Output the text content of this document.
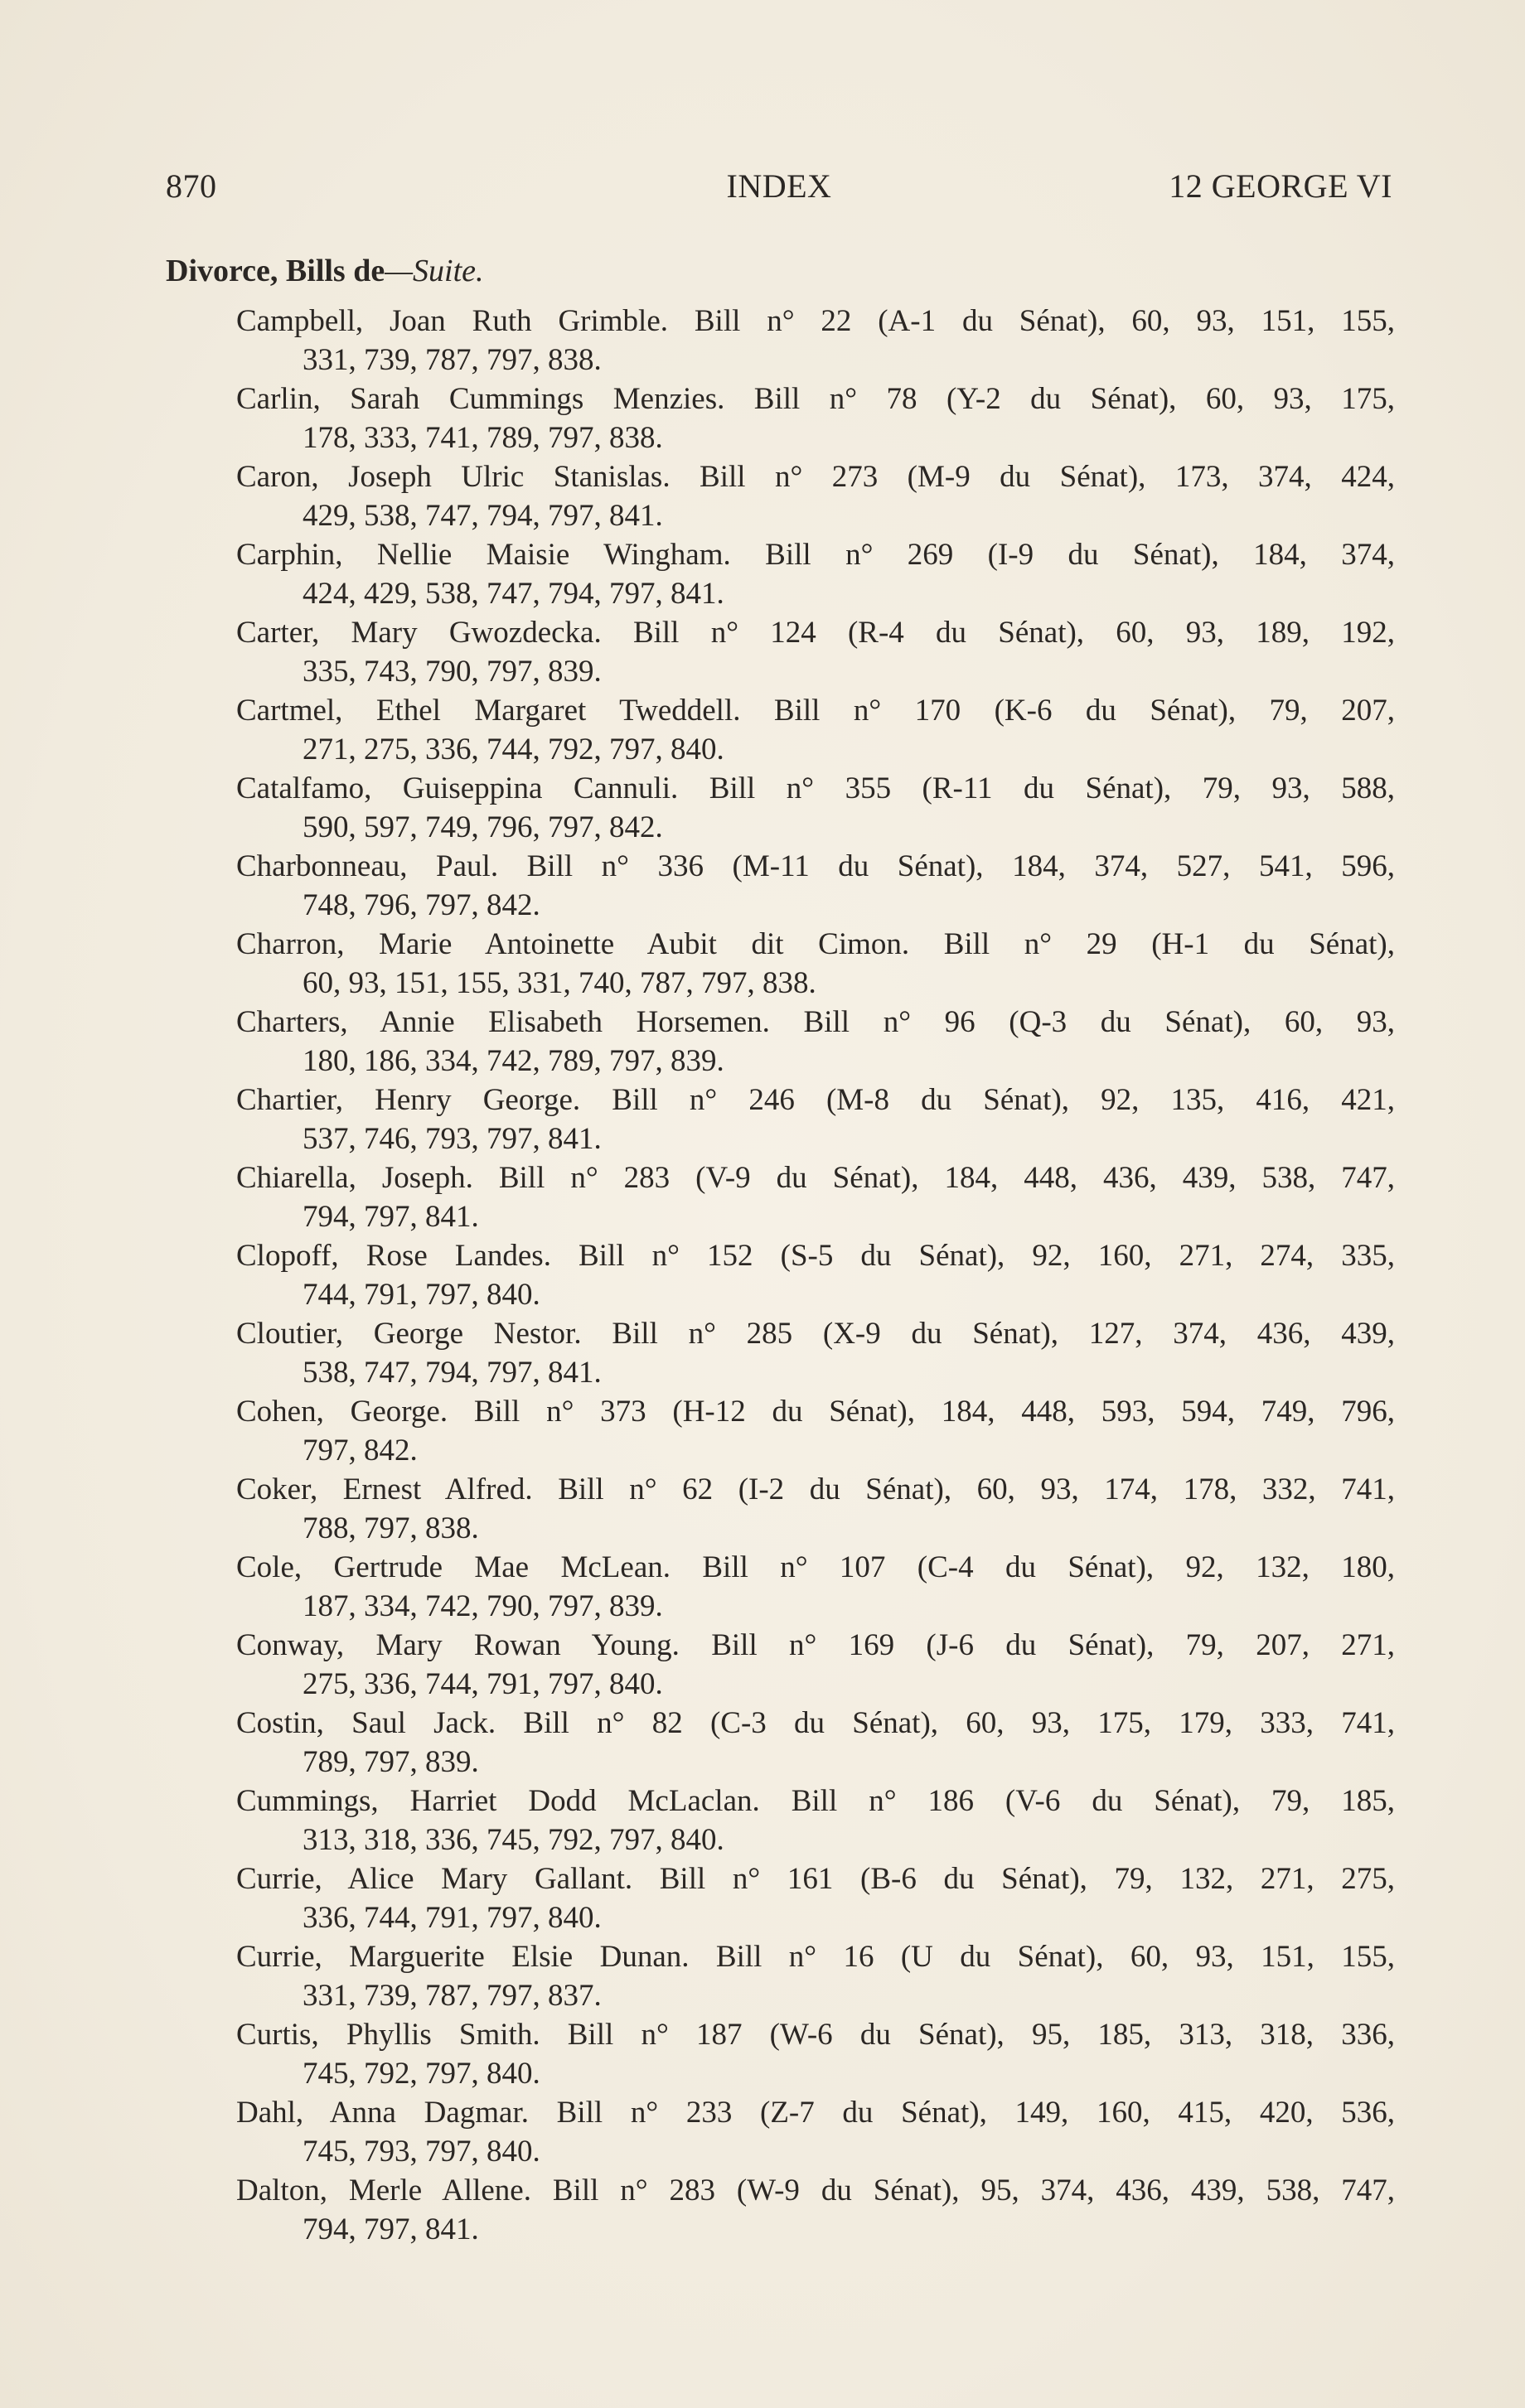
870	INDEX	12 GEORGE VI
Divorce, Bills de—Suite.
Campbell, Joan Ruth Grimble. Bill n° 22 (A-1 du Sénat), 60, 93, 151, 155,
331, 739, 787, 797, 838.
Carlin, Sarah Cummings Menzies. Bill n° 78 (Y-2 du Sénat), 60, 93, 175,
178, 333, 741, 789, 797, 838.
Caron, Joseph Ulric Stanislas. Bill n° 273 (M-9 du Sénat), 173, 374, 424,
429, 538, 747, 794, 797, 841.
Carphin, Nellie Maisie Wingham. Bill n° 269 (I-9 du Sénat), 184, 374,
424, 429, 538, 747, 794, 797, 841.
Carter, Mary Gwozdecka. Bill n° 124 (R-4 du Sénat), 60, 93, 189, 192,
335, 743, 790, 797, 839.
Cartmel, Ethel Margaret Tweddell. Bill n° 170 (K-6 du Sénat), 79, 207,
271, 275, 336, 744, 792, 797, 840.
Catalfamo, Guiseppina Cannuli. Bill n° 355 (R-11 du Sénat), 79, 93, 588,
590, 597, 749, 796, 797, 842.
Charbonneau, Paul. Bill n° 336 (M-11 du Sénat), 184, 374, 527, 541, 596,
748, 796, 797, 842.
Charron, Marie Antoinette Aubit dit Cimon. Bill n° 29 (H-1 du Sénat),
60, 93, 151, 155, 331, 740, 787, 797, 838.
Charters, Annie Elisabeth Horsemen. Bill n° 96 (Q-3 du Sénat), 60, 93,
180, 186, 334, 742, 789, 797, 839.
Chartier, Henry George. Bill n° 246 (M-8 du Sénat), 92, 135, 416, 421,
537, 746, 793, 797, 841.
Chiarella, Joseph. Bill n° 283 (V-9 du Sénat), 184, 448, 436, 439, 538, 747,
794, 797, 841.
Clopoff, Rose Landes. Bill n° 152 (S-5 du Sénat), 92, 160, 271, 274, 335,
744, 791, 797, 840.
Cloutier, George Nestor. Bill n° 285 (X-9 du Sénat), 127, 374, 436, 439,
538, 747, 794, 797, 841.
Cohen, George. Bill n° 373 (H-12 du Sénat), 184, 448, 593, 594, 749, 796,
797, 842.
Coker, Ernest Alfred. Bill n° 62 (I-2 du Sénat), 60, 93, 174, 178, 332, 741,
788, 797, 838.
Cole, Gertrude Mae McLean. Bill n° 107 (C-4 du Sénat), 92, 132, 180,
187, 334, 742, 790, 797, 839.
Conway, Mary Rowan Young. Bill n° 169 (J-6 du Sénat), 79, 207, 271,
275, 336, 744, 791, 797, 840.
Costin, Saul Jack. Bill n° 82 (C-3 du Sénat), 60, 93, 175, 179, 333, 741,
789, 797, 839.
Cummings, Harriet Dodd McLaclan. Bill n° 186 (V-6 du Sénat), 79, 185,
313, 318, 336, 745, 792, 797, 840.
Currie, Alice Mary Gallant. Bill n° 161 (B-6 du Sénat), 79, 132, 271, 275,
336, 744, 791, 797, 840.
Currie, Marguerite Elsie Dunan. Bill n° 16 (U du Sénat), 60, 93, 151, 155,
331, 739, 787, 797, 837.
Curtis, Phyllis Smith. Bill n° 187 (W-6 du Sénat), 95, 185, 313, 318, 336,
745, 792, 797, 840.
Dahl, Anna Dagmar. Bill n° 233 (Z-7 du Sénat), 149, 160, 415, 420, 536,
745, 793, 797, 840.
Dalton, Merle Allene. Bill n° 283 (W-9 du Sénat), 95, 374, 436, 439, 538, 747,
794, 797, 841.
